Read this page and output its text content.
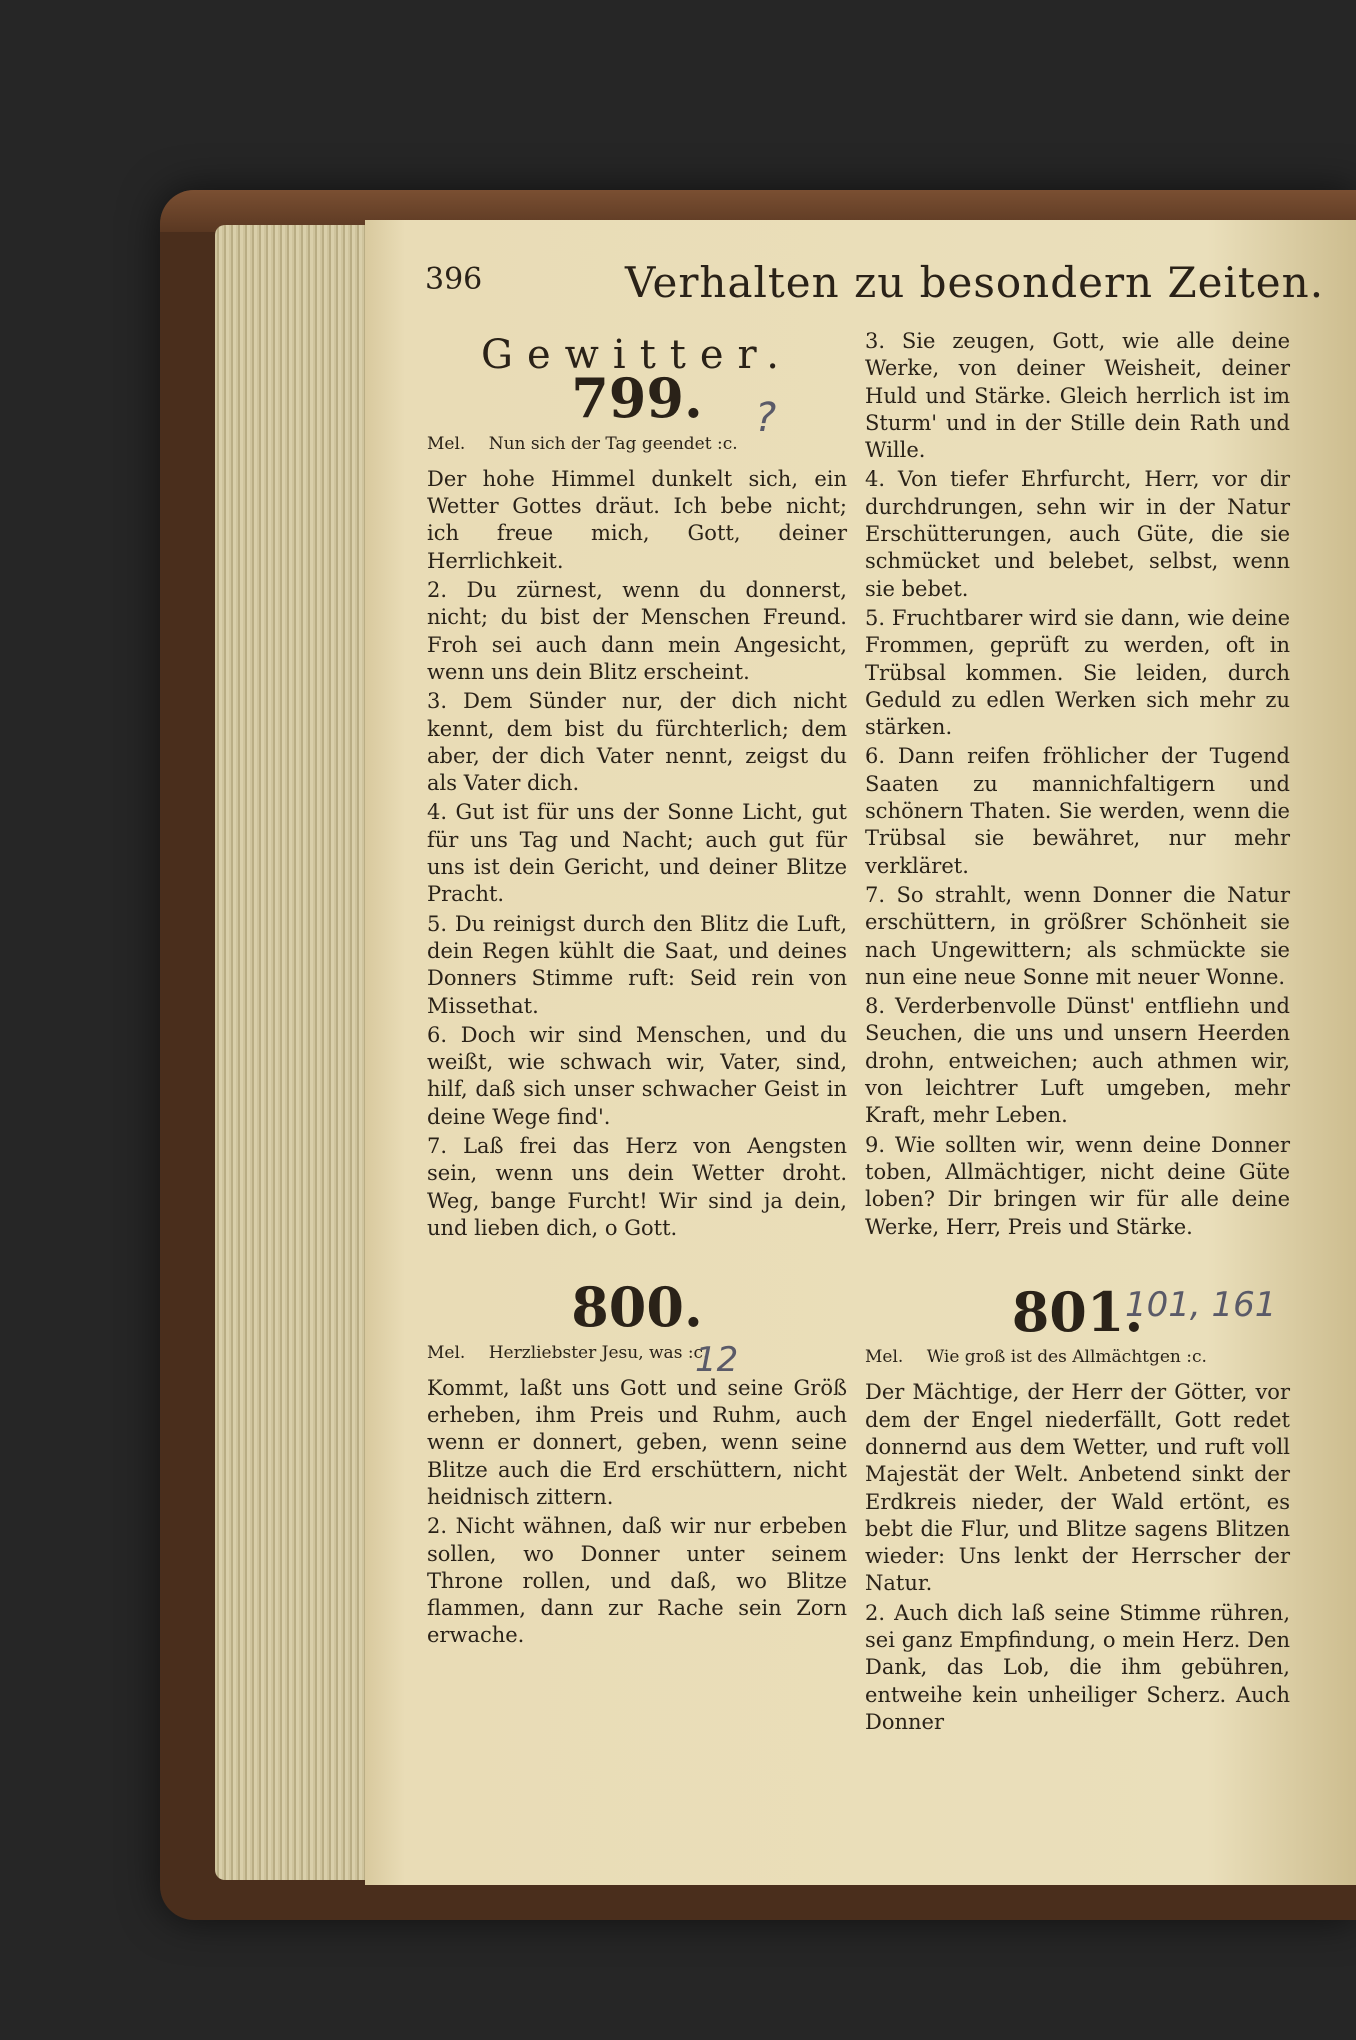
396	Verhalten zu besondern Zeiten.
Gewitter.
799.
Mel. Nun sich der Tag geendet :c.

Der hohe Himmel dunkelt sich, ein Wetter Gottes dräut. Ich bebe nicht; ich freue mich, Gott, deiner Herrlichkeit.

2. Du zürnest, wenn du donnerst, nicht; du bist der Menschen Freund. Froh sei auch dann mein Angesicht, wenn uns dein Blitz erscheint.

3. Dem Sünder nur, der dich nicht kennt, dem bist du fürchterlich; dem aber, der dich Vater nennt, zeigst du als Vater dich.

4. Gut ist für uns der Sonne Licht, gut für uns Tag und Nacht; auch gut für uns ist dein Gericht, und deiner Blitze Pracht.

5. Du reinigst durch den Blitz die Luft, dein Regen kühlt die Saat, und deines Donners Stimme ruft: Seid rein von Missethat.

6. Doch wir sind Menschen, und du weißt, wie schwach wir, Vater, sind, hilf, daß sich unser schwacher Geist in deine Wege find'.

7. Laß frei das Herz von Aengsten sein, wenn uns dein Wetter droht. Weg, bange Furcht! Wir sind ja dein, und lieben dich, o Gott.

800.
Mel. Herzliebster Jesu, was :c.

Kommt, laßt uns Gott und seine Größ erheben, ihm Preis und Ruhm, auch wenn er donnert, geben, wenn seine Blitze auch die Erd erschüttern, nicht heidnisch zittern.

2. Nicht wähnen, daß wir nur erbeben sollen, wo Donner unter seinem Throne rollen, und daß, wo Blitze flammen, dann zur Rache sein Zorn erwache.

3. Sie zeugen, Gott, wie alle deine Werke, von deiner Weisheit, deiner Huld und Stärke. Gleich herrlich ist im Sturm' und in der Stille dein Rath und Wille.

4. Von tiefer Ehrfurcht, Herr, vor dir durchdrungen, sehn wir in der Natur Erschütterungen, auch Güte, die sie schmücket und belebet, selbst, wenn sie bebet.

5. Fruchtbarer wird sie dann, wie deine Frommen, geprüft zu werden, oft in Trübsal kommen. Sie leiden, durch Geduld zu edlen Werken sich mehr zu stärken.

6. Dann reifen fröhlicher der Tugend Saaten zu mannichfaltigern und schönern Thaten. Sie werden, wenn die Trübsal sie bewähret, nur mehr verkläret.

7. So strahlt, wenn Donner die Natur erschüttern, in größrer Schönheit sie nach Ungewittern; als schmückte sie nun eine neue Sonne mit neuer Wonne.

8. Verderbenvolle Dünst' entfliehn und Seuchen, die uns und unsern Heerden drohn, entweichen; auch athmen wir, von leichtrer Luft umgeben, mehr Kraft, mehr Leben.

9. Wie sollten wir, wenn deine Donner toben, Allmächtiger, nicht deine Güte loben? Dir bringen wir für alle deine Werke, Herr, Preis und Stärke.

801.
Mel. Wie groß ist des Allmächtgen :c.

Der Mächtige, der Herr der Götter, vor dem der Engel niederfällt, Gott redet donnernd aus dem Wetter, und ruft voll Majestät der Welt. Anbetend sinkt der Erdkreis nieder, der Wald ertönt, es bebt die Flur, und Blitze sagens Blitzen wieder: Uns lenkt der Herrscher der Natur.

2. Auch dich laß seine Stimme rühren, sei ganz Empfindung, o mein Herz. Den Dank, das Lob, die ihm gebühren, entweihe kein unheiliger Scherz. Auch Donner

?
12
101, 161
